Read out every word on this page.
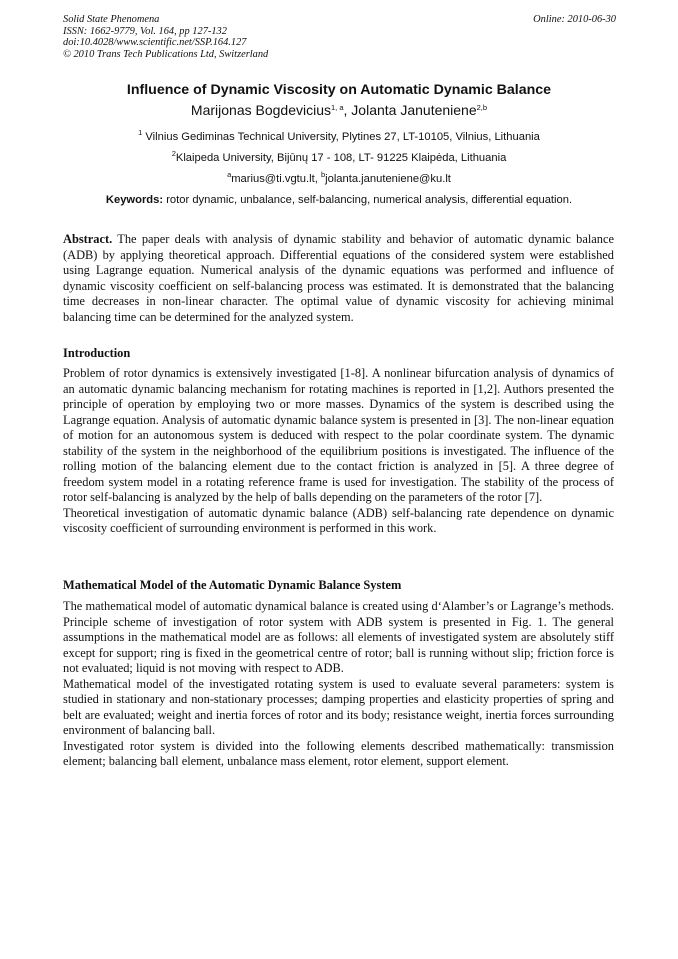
Solid State Phenomena
ISSN: 1662-9779, Vol. 164, pp 127-132
doi:10.4028/www.scientific.net/SSP.164.127
© 2010 Trans Tech Publications Ltd, Switzerland
Online: 2010-06-30
Influence of Dynamic Viscosity on Automatic Dynamic Balance
Marijonas Bogdevicius$^{1, a}$, Jolanta Januteniene$^{2,b}$
$^1$ Vilnius Gediminas Technical University, Plytines 27, LT-10105, Vilnius, Lithuania
$^2$Klaipeda University, Bijūnų 17 - 108, LT- 91225 Klaipėda, Lithuania
$^a$marius@ti.vgtu.lt, $^b$jolanta.januteniene@ku.lt
Keywords: rotor dynamic, unbalance, self-balancing, numerical analysis, differential equation.

Abstract. The paper deals with analysis of dynamic stability and behavior of automatic dynamic balance (ADB) by applying theoretical approach. Differential equations of the considered system were established using Lagrange equation. Numerical analysis of the dynamic equations was performed and influence of dynamic viscosity coefficient on self-balancing process was estimated. It is demonstrated that the balancing time decreases in non-linear character. The optimal value of dynamic viscosity for achieving minimal balancing time can be determined for the analyzed system.

Introduction

Problem of rotor dynamics is extensively investigated [1-8]. A nonlinear bifurcation analysis of dynamics of an automatic dynamic balancing mechanism for rotating machines is reported in [1,2]. Authors presented the principle of operation by employing two or more masses. Dynamics of the system is described using the Lagrange equation. Analysis of automatic dynamic balance system is presented in [3]. The non-linear equation of motion for an autonomous system is deduced with respect to the polar coordinate system. The dynamic stability of the system in the neighborhood of the equilibrium positions is investigated. The influence of the rolling motion of the balancing element due to the contact friction is analyzed in [5]. A three degree of freedom system model in a rotating reference frame is used for investigation. The stability of the process of rotor self-balancing is analyzed by the help of balls depending on the parameters of the rotor [7].

Theoretical investigation of automatic dynamic balance (ADB) self-balancing rate dependence on dynamic viscosity coefficient of surrounding environment is performed in this work.

Mathematical Model of the Automatic Dynamic Balance System

The mathematical model of automatic dynamical balance is created using d‘Alamber’s or Lagrange’s methods. Principle scheme of investigation of rotor system with ADB system is presented in Fig. 1. The general assumptions in the mathematical model are as follows: all elements of investigated system are absolutely stiff except for support; ring is fixed in the geometrical centre of rotor; ball is running without slip; friction force is not evaluated; liquid is not moving with respect to ADB.

Mathematical model of the investigated rotating system is used to evaluate several parameters: system is studied in stationary and non-stationary processes; damping properties and elasticity properties of spring and belt are evaluated; weight and inertia forces of rotor and its body; resistance weight, inertia forces surrounding environment of balancing ball.

Investigated rotor system is divided into the following elements described mathematically: transmission element; balancing ball element, unbalance mass element, rotor element, support element.
